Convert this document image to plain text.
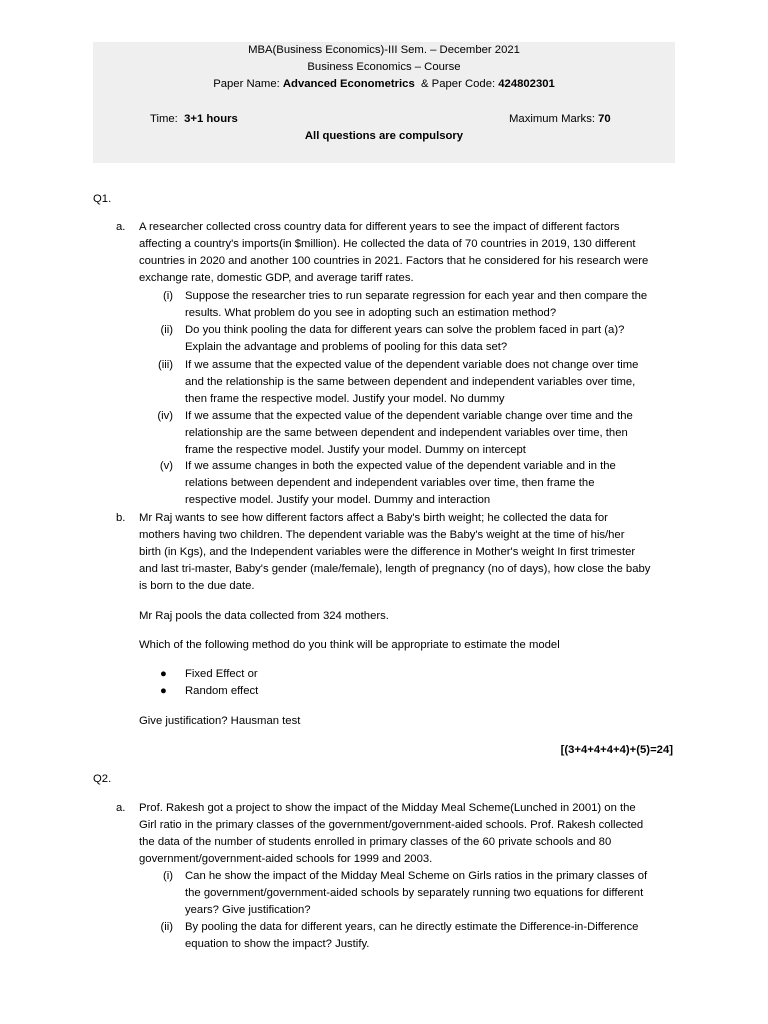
MBA(Business Economics)-III Sem. – December 2021
Business Economics – Course
Paper Name: Advanced Econometrics  & Paper Code: 424802301
Time:  3+1 hours	Maximum Marks: 70
All questions are compulsory
Q1.
a. A researcher collected cross country data for different years to see the impact of different factors
affecting a country's imports(in $million). He collected the data of 70 countries in 2019, 130 different
countries in 2020 and another 100 countries in 2021. Factors that he considered for his research were
exchange rate, domestic GDP, and average tariff rates.
(i) Suppose the researcher tries to run separate regression for each year and then compare the
results. What problem do you see in adopting such an estimation method?
(ii) Do you think pooling the data for different years can solve the problem faced in part (a)?
Explain the advantage and problems of pooling for this data set?
(iii) If we assume that the expected value of the dependent variable does not change over time
and the relationship is the same between dependent and independent variables over time,
then frame the respective model. Justify your model. No dummy
(iv) If we assume that the expected value of the dependent variable change over time and the
relationship are the same between dependent and independent variables over time, then
frame the respective model. Justify your model. Dummy on intercept
(v) If we assume changes in both the expected value of the dependent variable and in the
relations between dependent and independent variables over time, then frame the
respective model. Justify your model. Dummy and interaction
b. Mr Raj wants to see how different factors affect a Baby's birth weight; he collected the data for
mothers having two children. The dependent variable was the Baby's weight at the time of his/her
birth (in Kgs), and the Independent variables were the difference in Mother's weight In first trimester
and last tri-master, Baby's gender (male/female), length of pregnancy (no of days), how close the baby
is born to the due date.
Mr Raj pools the data collected from 324 mothers.
Which of the following method do you think will be appropriate to estimate the model
● Fixed Effect or
● Random effect
Give justification? Hausman test
[(3+4+4+4+4)+(5)=24]
Q2.
a. Prof. Rakesh got a project to show the impact of the Midday Meal Scheme(Lunched in 2001) on the
Girl ratio in the primary classes of the government/government-aided schools. Prof. Rakesh collected
the data of the number of students enrolled in primary classes of the 60 private schools and 80
government/government-aided schools for 1999 and 2003.
(i) Can he show the impact of the Midday Meal Scheme on Girls ratios in the primary classes of
the government/government-aided schools by separately running two equations for different
years? Give justification?
(ii) By pooling the data for different years, can he directly estimate the Difference-in-Difference
equation to show the impact? Justify.
